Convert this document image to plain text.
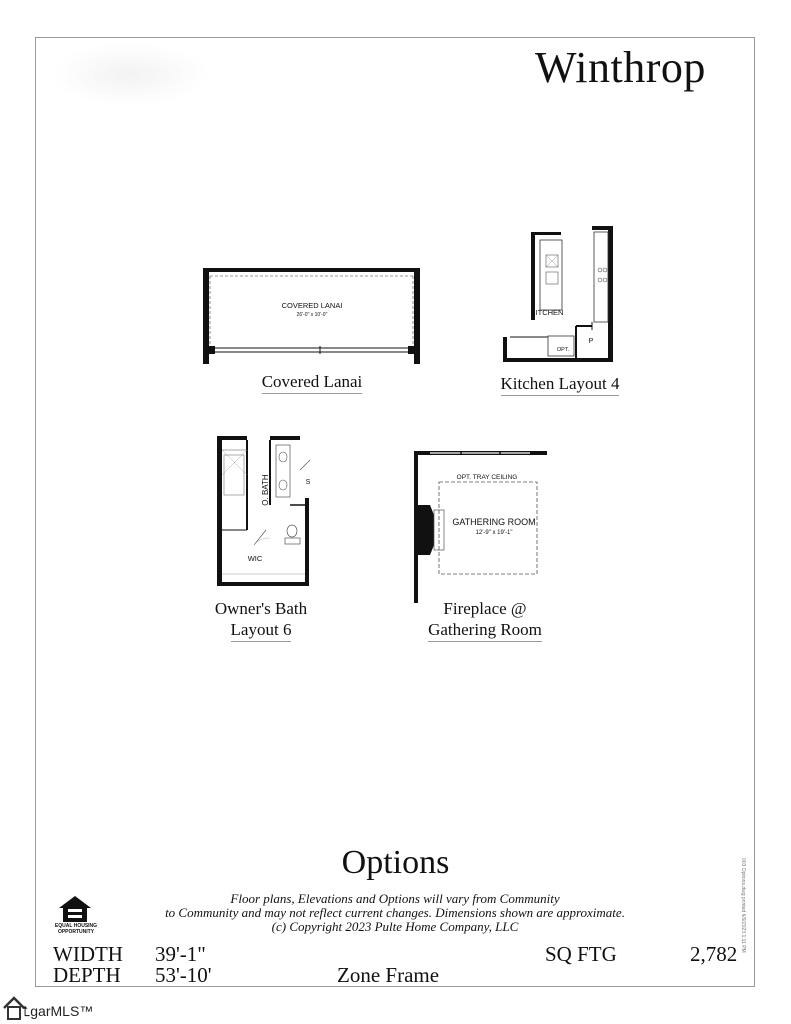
Winthrop
COVERED LANAI
26'-0" x 10'-0"	KITCHEN
OPT.
P
O. BATH
WIC
S
OPT. TRAY CEILING
GATHERING ROOM
12'-9" x 19'-1"
Covered Lanai	Kitchen Layout 4
Owner's Bath
Layout 6
Fireplace @
Gathering Room
Options
Floor plans, Elevations and Options will vary from Community
to Community and may not reflect current changes. Dimensions shown are approximate.
(c) Copyright 2023 Pulte Home Company, LLC
EQUAL HOUSING
OPPORTUNITY
WIDTH 39'-1"
DEPTH 53'-10'	Zone Frame
SQ FTG	2,782
003 Options.dwg printed 6/9/2023 1:11 PM
⮤garMLS™
